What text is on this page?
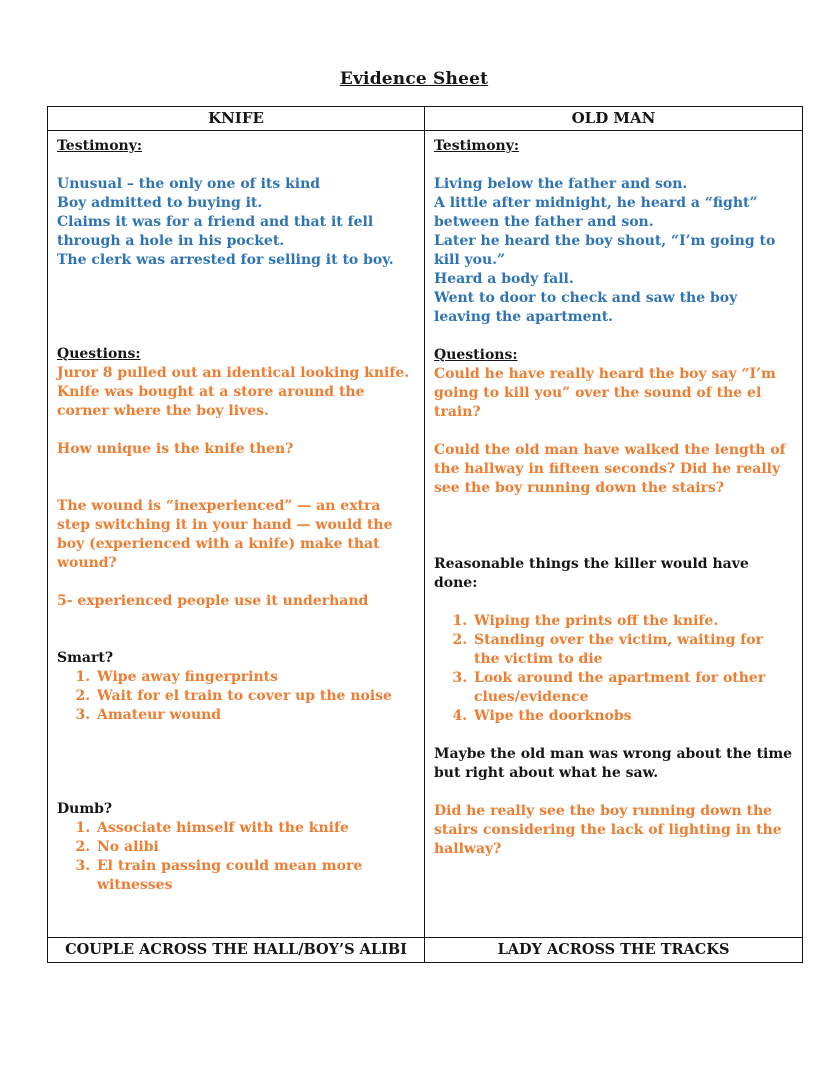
Evidence Sheet
KNIFE	OLD MAN

Testimony:

Unusual – the only one of its kind

Boy admitted to buying it.

Claims it was for a friend and that it fell through a hole in his pocket.

The clerk was arrested for selling it to boy.

Questions:

Juror 8 pulled out an identical looking knife.

Knife was bought at a store around the corner where the boy lives.

How unique is the knife then?

The wound is “inexperienced” — an extra step switching it in your hand — would the boy (experienced with a knife) make that wound?

5- experienced people use it underhand

Smart?

1. Wipe away fingerprints
2. Wait for el train to cover up the noise
3. Amateur wound

Dumb?

1. Associate himself with the knife
2. No alibi
3. El train passing could mean more witnesses

Testimony:

Living below the father and son.

A little after midnight, he heard a “fight” between the father and son.

Later he heard the boy shout, “I’m going to kill you.”

Heard a body fall.

Went to door to check and saw the boy leaving the apartment.

Questions:

Could he have really heard the boy say “I’m going to kill you” over the sound of the el train?

Could the old man have walked the length of the hallway in fifteen seconds? Did he really see the boy running down the stairs?

Reasonable things the killer would have done:

1. Wiping the prints off the knife.
2. Standing over the victim, waiting for the victim to die
3. Look around the apartment for other clues/evidence
4. Wipe the doorknobs

Maybe the old man was wrong about the time but right about what he saw.

Did he really see the boy running down the stairs considering the lack of lighting in the hallway?

COUPLE ACROSS THE HALL/BOY’S ALIBI	LADY ACROSS THE TRACKS
